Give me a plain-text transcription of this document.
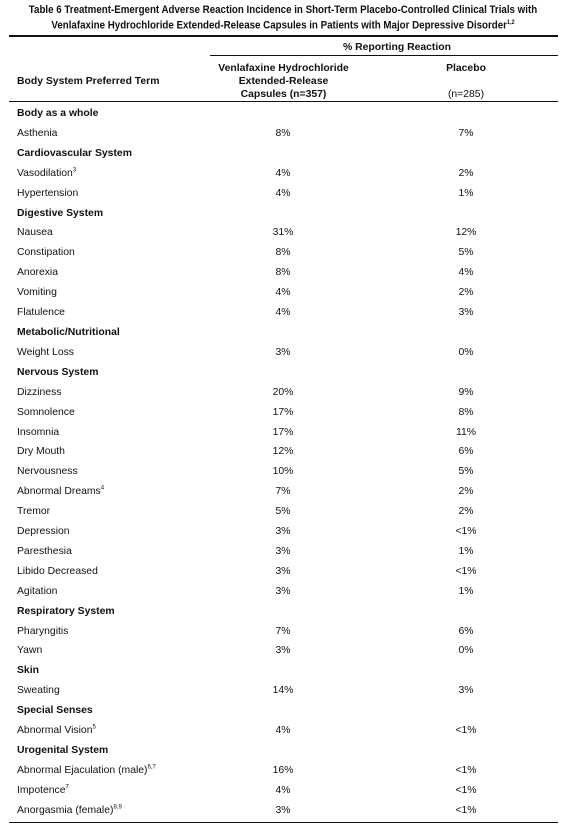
Table 6 Treatment-Emergent Adverse Reaction Incidence in Short-Term Placebo-Controlled Clinical Trials with
Venlafaxine Hydrochloride Extended-Release Capsules in Patients with Major Depressive Disorder$^{1,2}$
% Reporting Reaction
Body System Preferred Term
Venlafaxine Hydrochloride
Extended-Release
Capsules (n=357)
Placebo
(n=285)
Body as a whole
Asthenia	8%	7%
Cardiovascular System
Vasodilation$^3$	4%	2%
Hypertension	4%	1%
Digestive System
Nausea	31%	12%
Constipation	8%	5%
Anorexia	8%	4%
Vomiting	4%	2%
Flatulence	4%	3%
Metabolic/Nutritional
Weight Loss	3%	0%
Nervous System
Dizziness	20%	9%
Somnolence	17%	8%
Insomnia	17%	11%
Dry Mouth	12%	6%
Nervousness	10%	5%
Abnormal Dreams$^4$	7%	2%
Tremor	5%	2%
Depression	3%	<1%
Paresthesia	3%	1%
Libido Decreased	3%	<1%
Agitation	3%	1%
Respiratory System
Pharyngitis	7%	6%
Yawn	3%	0%
Skin
Sweating	14%	3%
Special Senses
Abnormal Vision$^5$	4%	<1%
Urogenital System
Abnormal Ejaculation (male)$^{6,7}$	16%	<1%
Impotence$^7$	4%	<1%
Anorgasmia (female)$^{8,9}$	3%	<1%
